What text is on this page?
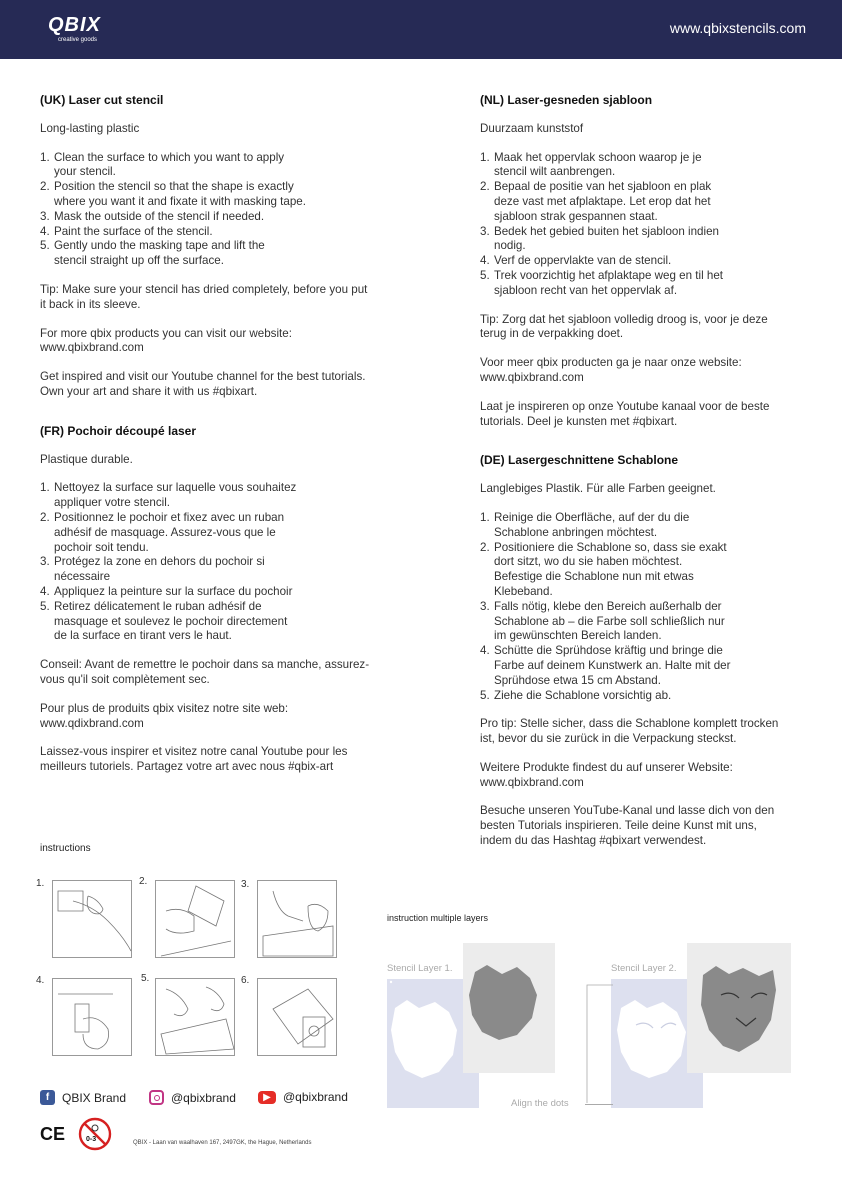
QBIX
creative goods
www.qbixstencils.com
(UK) Laser cut stencil

Long-lasting plastic

1. Clean the surface to which you want to apply
your stencil.
2. Position the stencil so that the shape is exactly
where you want it and fixate it with masking tape.
3. Mask the outside of the stencil if needed.
4. Paint the surface of the stencil.
5. Gently undo the masking tape and lift the
stencil straight up off the surface.

Tip: Make sure your stencil has dried completely, before you put it back in its sleeve.

For more qbix products you can visit our website: www.qbixbrand.com

Get inspired and visit our Youtube channel for the best tutorials. Own your art and share it with us #qbixart.

(FR) Pochoir découpé laser

Plastique durable.

1. Nettoyez la surface sur laquelle vous souhaitez
appliquer votre stencil.
2. Positionnez le pochoir et fixez avec un ruban
adhésif de masquage. Assurez-vous que le
pochoir soit tendu.
3. Protégez la zone en dehors du pochoir si
nécessaire
4. Appliquez la peinture sur la surface du pochoir
5. Retirez délicatement le ruban adhésif de
masquage et soulevez le pochoir directement
de la surface en tirant vers le haut.

Conseil: Avant de remettre le pochoir dans sa manche, assurez-vous qu'il soit complètement sec.

Pour plus de produits qbix visitez notre site web: www.qdixbrand.com

Laissez-vous inspirer et visitez notre canal Youtube pour les meilleurs tutoriels. Partagez votre art avec nous #qbix-art

(NL) Laser-gesneden sjabloon

Duurzaam kunststof

1. Maak het oppervlak schoon waarop je je
stencil wilt aanbrengen.
2. Bepaal de positie van het sjabloon en plak
deze vast met afplaktape. Let erop dat het
sjabloon strak gespannen staat.
3. Bedek het gebied buiten het sjabloon indien
nodig.
4. Verf de oppervlakte van de stencil.
5. Trek voorzichtig het afplaktape weg en til het
sjabloon recht van het oppervlak af.

Tip: Zorg dat het sjabloon volledig droog is, voor je deze terug in de verpakking doet.

Voor meer qbix producten ga je naar onze website: www.qbixbrand.com

Laat je inspireren op onze Youtube kanaal voor de beste tutorials. Deel je kunsten met #qbixart.

(DE) Lasergeschnittene Schablone

Langlebiges Plastik. Für alle Farben geeignet.

1. Reinige die Oberfläche, auf der du die
Schablone anbringen möchtest.
2. Positioniere die Schablone so, dass sie exakt
dort sitzt, wo du sie haben möchtest.
Befestige die Schablone nun mit etwas
Klebeband.
3. Falls nötig, klebe den Bereich außerhalb der
Schablone ab – die Farbe soll schließlich nur
im gewünschten Bereich landen.
4. Schütte die Sprühdose kräftig und bringe die
Farbe auf deinem Kunstwerk an. Halte mit der
Sprühdose etwa 15 cm Abstand.
5. Ziehe die Schablone vorsichtig ab.

Pro tip: Stelle sicher, dass die Schablone komplett trocken ist, bevor du sie zurück in die Verpackung steckst.

Weitere Produkte findest du auf unserer Website: www.qbixbrand.com

Besuche unseren YouTube-Kanal und lasse dich von den besten Tutorials inspirieren. Teile deine Kunst mit uns, indem du das Hashtag #qbixart verwendest.

instructions
1.	2.	3.
4.	5.	6.
instruction multiple layers
Stencil Layer 1.	Stencil Layer 2.
Align the dots
f	QBIX Brand	@qbixbrand	▶	@qbixbrand
CE	0-3	QBIX - Laan van waalhaven 167, 2497GK, the Hague, Netherlands
